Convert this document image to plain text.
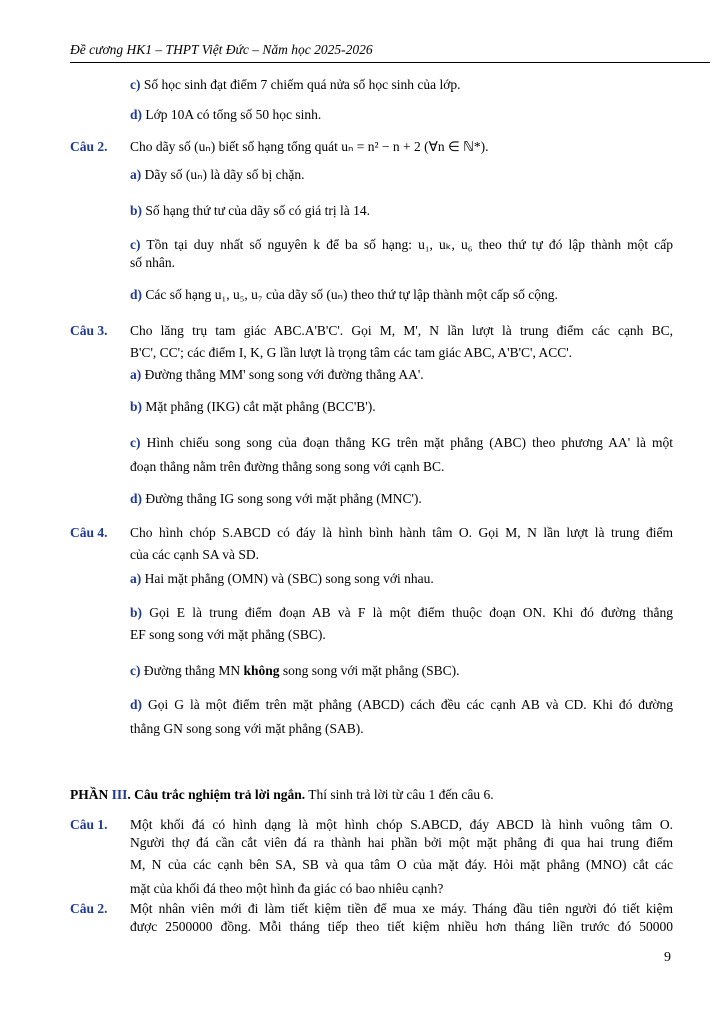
Đề cương HK1 – THPT Việt Đức – Năm học 2025-2026
c) Số học sinh đạt điểm 7 chiếm quá nửa số học sinh của lớp.
d) Lớp 10A có tổng số 50 học sinh.
Câu 2. Cho dãy số (uₙ) biết số hạng tổng quát uₙ = n² − n + 2 (∀n ∈ ℕ*).
a) Dãy số (uₙ) là dãy số bị chặn.
b) Số hạng thứ tư của dãy số có giá trị là 14.
c) Tồn tại duy nhất số nguyên k để ba số hạng: u₁, uₖ, u₆ theo thứ tự đó lập thành một cấp
số nhân.
d) Các số hạng u₁, u₅, u₇ của dãy số (uₙ) theo thứ tự lập thành một cấp số cộng.
Câu 3. Cho lăng trụ tam giác ABC.A'B'C'. Gọi M, M', N lần lượt là trung điểm các cạnh BC,
B'C', CC'; các điểm I, K, G lần lượt là trọng tâm các tam giác ABC, A'B'C', ACC'.
a) Đường thẳng MM' song song với đường thẳng AA'.
b) Mặt phẳng (IKG) cắt mặt phẳng (BCC'B').
c) Hình chiếu song song của đoạn thẳng KG trên mặt phẳng (ABC) theo phương AA' là một
đoạn thẳng nằm trên đường thẳng song song với cạnh BC.
d) Đường thẳng IG song song với mặt phẳng (MNC').
Câu 4. Cho hình chóp S.ABCD có đáy là hình bình hành tâm O. Gọi M, N lần lượt là trung điểm
của các cạnh SA và SD.
a) Hai mặt phẳng (OMN) và (SBC) song song với nhau.
b) Gọi E là trung điểm đoạn AB và F là một điểm thuộc đoạn ON. Khi đó đường thẳng
EF song song với mặt phẳng (SBC).
c) Đường thẳng MN không song song với mặt phẳng (SBC).
d) Gọi G là một điểm trên mặt phẳng (ABCD) cách đều các cạnh AB và CD. Khi đó đường
thẳng GN song song với mặt phẳng (SAB).
PHẦN III. Câu trắc nghiệm trả lời ngắn. Thí sinh trả lời từ câu 1 đến câu 6.
Câu 1. Một khối đá có hình dạng là một hình chóp S.ABCD, đáy ABCD là hình vuông tâm O.
Người thợ đá cần cắt viên đá ra thành hai phần bởi một mặt phẳng đi qua hai trung điểm
M, N của các cạnh bên SA, SB và qua tâm O của mặt đáy. Hỏi mặt phẳng (MNO) cắt các
mặt của khối đá theo một hình đa giác có bao nhiêu cạnh?
Câu 2. Một nhân viên mới đi làm tiết kiệm tiền để mua xe máy. Tháng đầu tiên người đó tiết kiệm
được 2500000 đồng. Mỗi tháng tiếp theo tiết kiệm nhiều hơn tháng liền trước đó 50000
9
